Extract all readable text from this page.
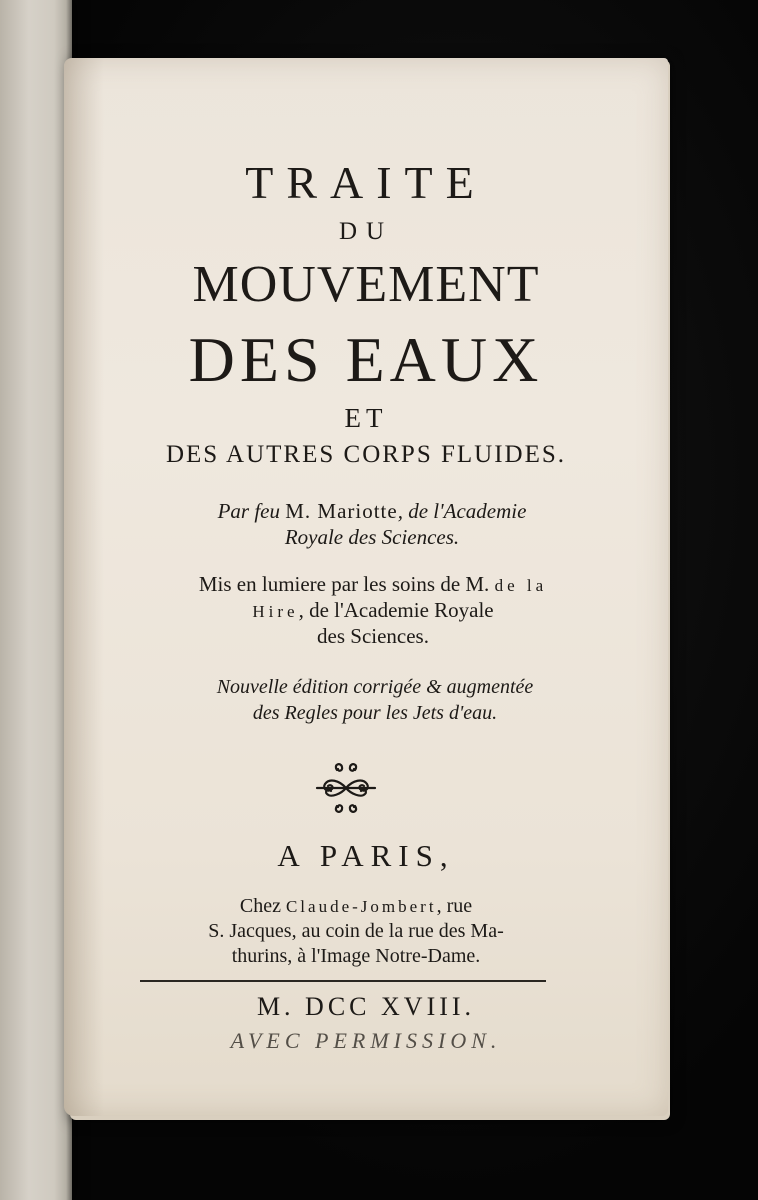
TRAITE

DU

MOUVEMENT

DES EAUX

ET

DES AUTRES CORPS FLUIDES.

Par feu M. Mariotte, de l'Academie
Royale des Sciences.
Mis en lumiere par les soins de M. de la
Hire, de l'Academie Royale
des Sciences.
Nouvelle édition corrigée & augmentée
des Regles pour les Jets d'eau.

A PARIS,

Chez Claude-Jombert, rue
S. Jacques, au coin de la rue des Ma-
thurins, à l'Image Notre-Dame.

M. DCC XVIII.

AVEC PERMISSION.
